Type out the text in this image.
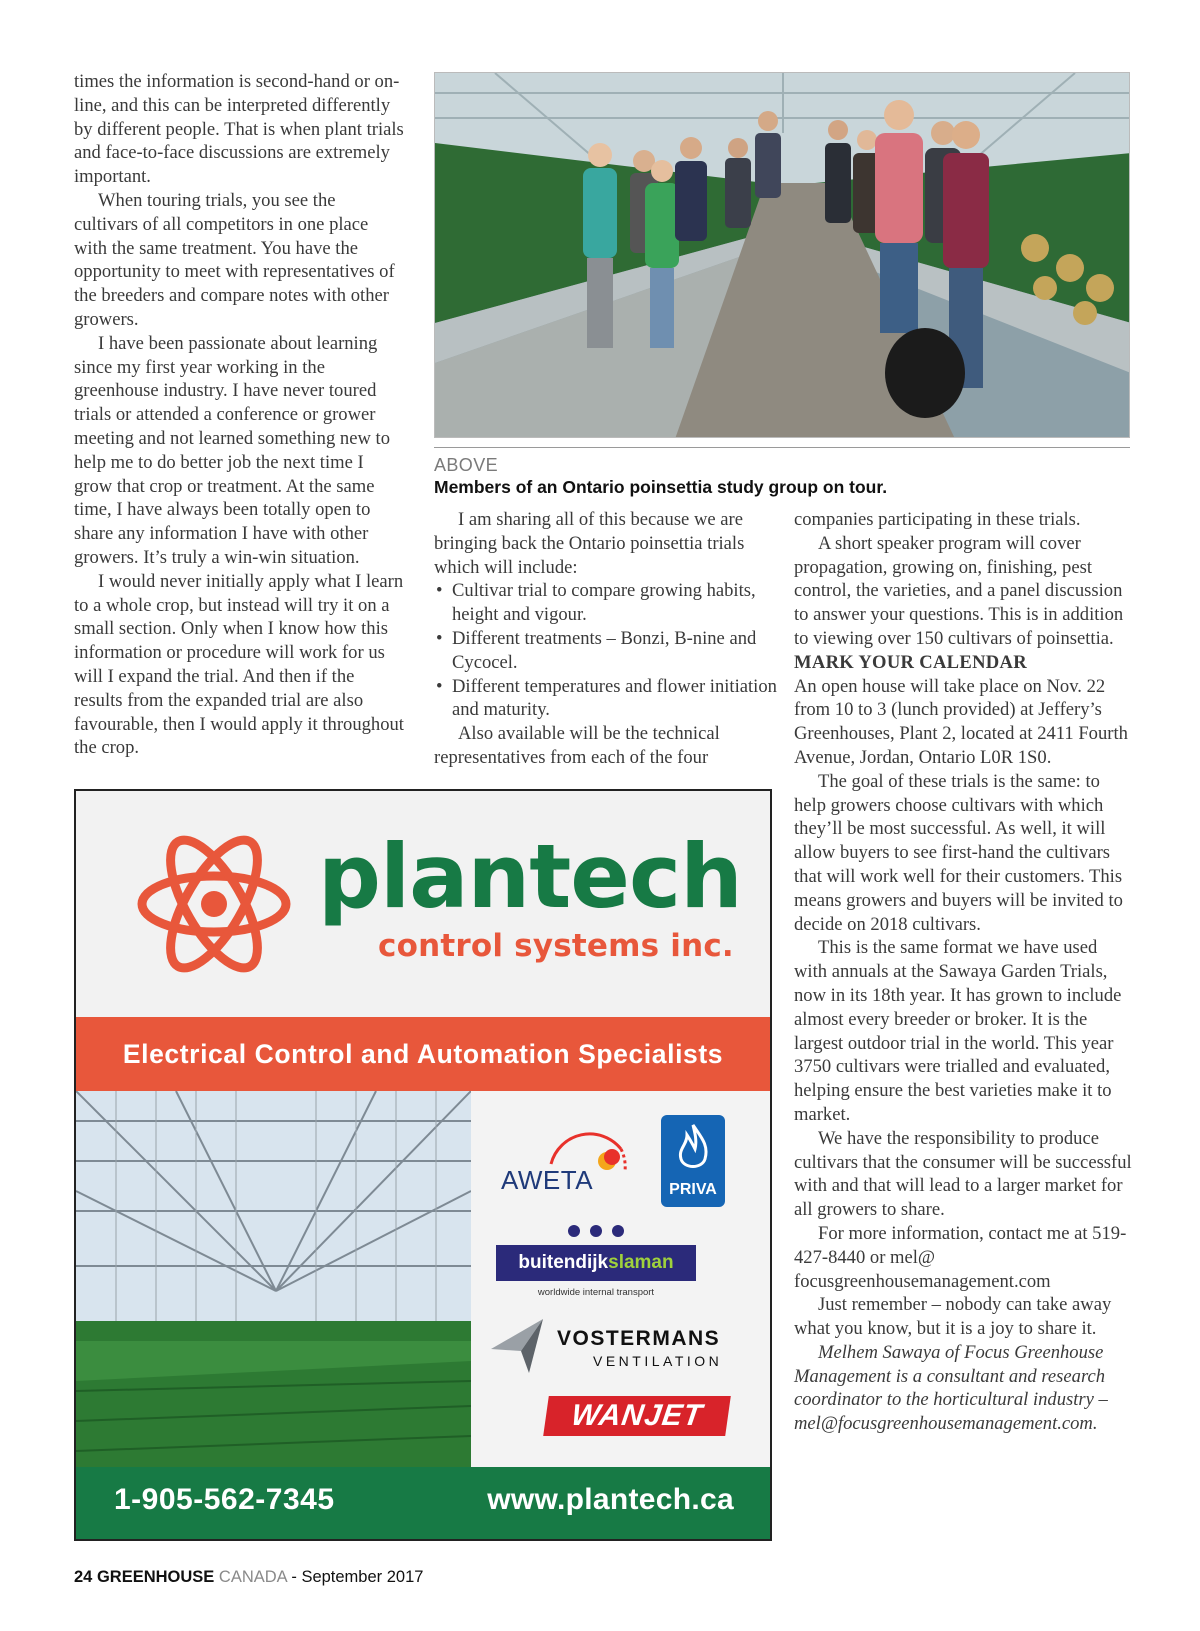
times the information is second-hand or on-line, and this can be interpreted differently by different people. That is when plant trials and face-to-face discussions are extremely important.

When touring trials, you see the cultivars of all competitors in one place with the same treatment. You have the opportunity to meet with representatives of the breeders and compare notes with other growers.

I have been passionate about learning since my first year working in the greenhouse industry. I have never toured trials or attended a conference or grower meeting and not learned something new to help me to do better job the next time I grow that crop or treatment. At the same time, I have always been totally open to share any information I have with other growers. It’s truly a win-win situation.

I would never initially apply what I learn to a whole crop, but instead will try it on a small section. Only when I know how this information or procedure will work for us will I expand the trial. And then if the results from the expanded trial are also favourable, then I would apply it throughout the crop.

ABOVE
Members of an Ontario poinsettia study group on tour.

I am sharing all of this because we are bringing back the Ontario poinsettia trials which will include:

• Cultivar trial to compare growing habits, height and vigour.
• Different treatments – Bonzi, B-nine and Cycocel.
• Different temperatures and flower initiation and maturity.

Also available will be the technical representatives from each of the four

companies participating in these trials.

A short speaker program will cover propagation, growing on, finishing, pest control, the varieties, and a panel discussion to answer your questions. This is in addition to viewing over 150 cultivars of poinsettia.

MARK YOUR CALENDAR

An open house will take place on Nov. 22 from 10 to 3 (lunch provided) at Jeffery’s Greenhouses, Plant 2, located at 2411 Fourth Avenue, Jordan, Ontario L0R 1S0.

The goal of these trials is the same: to help growers choose cultivars with which they’ll be most successful. As well, it will allow buyers to see first-hand the cultivars that will work well for their customers. This means growers and buyers will be invited to decide on 2018 cultivars.

This is the same format we have used with annuals at the Sawaya Garden Trials, now in its 18th year. It has grown to include almost every breeder or broker. It is the largest outdoor trial in the world. This year 3750 cultivars were trialled and evaluated, helping ensure the best varieties make it to market.

We have the responsibility to produce cultivars that the consumer will be successful with and that will lead to a larger market for all growers to share.

For more information, contact me at 519-427-8440 or mel@ focusgreenhousemanagement.com

Just remember – nobody can take away what you know, but it is a joy to share it.

Melhem Sawaya of Focus Greenhouse Management is a consultant and research coordinator to the horticultural industry – mel@focusgreenhousemanagement.com.

plantech
control systems inc.
Electrical Control and Automation Specialists
AWETA	PRIVA
buitendijk slaman
worldwide internal transport
VOSTERMANS
VENTILATION
WANJET
1-905-562-7345	www.plantech.ca
24 GREENHOUSE CANADA - September 2017
